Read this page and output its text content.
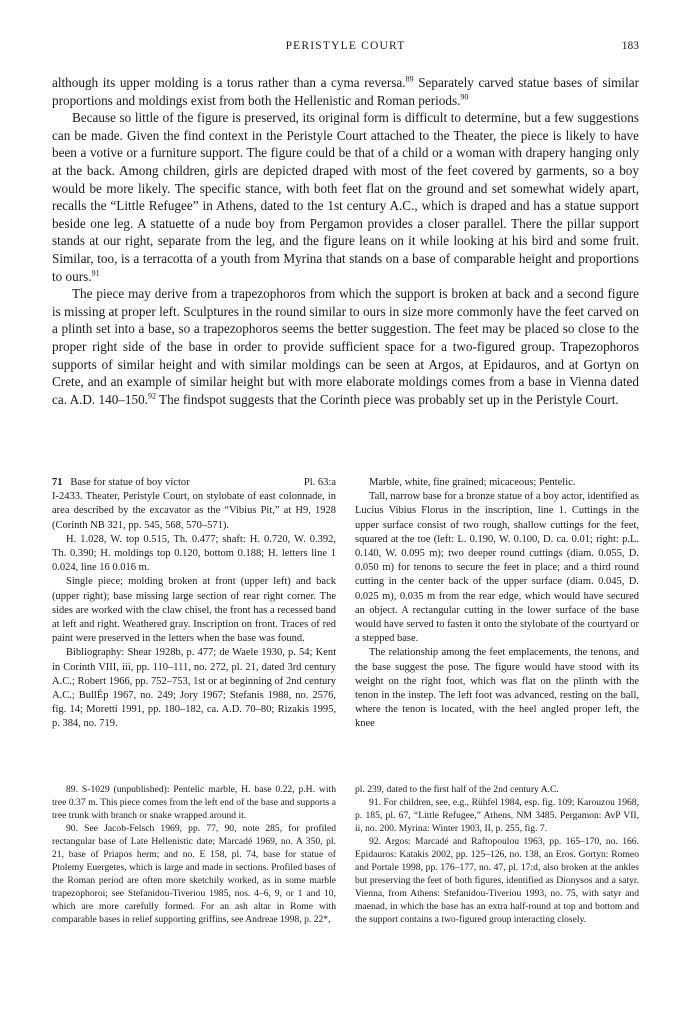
PERISTYLE COURT	183

although its upper molding is a torus rather than a cyma reversa.$^{89}$ Separately carved statue bases of similar proportions and moldings exist from both the Hellenistic and Roman periods.$^{90}$

Because so little of the figure is preserved, its original form is difficult to determine, but a few suggestions can be made. Given the find context in the Peristyle Court attached to the Theater, the piece is likely to have been a votive or a furniture support. The figure could be that of a child or a woman with drapery hanging only at the back. Among children, girls are depicted draped with most of the feet covered by garments, so a boy would be more likely. The specific stance, with both feet flat on the ground and set somewhat widely apart, recalls the “Little Refugee” in Athens, dated to the 1st century A.C., which is draped and has a statue support beside one leg. A statuette of a nude boy from Pergamon provides a closer parallel. There the pillar support stands at our right, separate from the leg, and the figure leans on it while looking at his bird and some fruit. Similar, too, is a terracotta of a youth from Myrina that stands on a base of comparable height and proportions to ours.$^{91}$

The piece may derive from a trapezophoros from which the support is broken at back and a second figure is missing at proper left. Sculptures in the round similar to ours in size more commonly have the feet carved on a plinth set into a base, so a trapezophoros seems the better suggestion. The feet may be placed so close to the proper right side of the base in order to provide sufficient space for a two-figured group. Trapezophoros supports of similar height and with similar moldings can be seen at Argos, at Epidauros, and at Gortyn on Crete, and an example of similar height but with more elaborate moldings comes from a base in Vienna dated ca. A.D. 140–150.92 The findspot suggests that the Corinth piece was probably set up in the Peristyle Court.

71 Base for statue of boy victor	Pl. 63:a

I-2433. Theater, Peristyle Court, on stylobate of east colonnade, in area described by the excavator as the “Vibius Pit,” at H9, 1928 (Corinth NB 321, pp. 545, 568, 570–571).

H. 1.028, W. top 0.515, Th. 0.477; shaft: H. 0.720, W. 0.392, Th. 0.390; H. moldings top 0.120, bottom 0.188; H. letters line 1 0.024, line 16 0.016 m.

Single piece; molding broken at front (upper left) and back (upper right); base missing large section of rear right corner. The sides are worked with the claw chisel, the front has a recessed band at left and right. Weathered gray. Inscription on front. Traces of red paint were preserved in the letters when the base was found.

Bibliography: Shear 1928b, p. 477; de Waele 1930, p. 54; Kent in Corinth VIII, iii, pp. 110–111, no. 272, pl. 21, dated 3rd century A.C.; Robert 1966, pp. 752–753, 1st or at beginning of 2nd century A.C.; BullÉp 1967, no. 249; Jory 1967; Stefanis 1988, no. 2576, fig. 14; Moretti 1991, pp. 180–182, ca. A.D. 70–80; Rizakis 1995, p. 384, no. 719.

Marble, white, fine grained; micaceous; Pentelic.

Tall, narrow base for a bronze statue of a boy actor, identified as Lucius Vibius Florus in the inscription, line 1. Cuttings in the upper surface consist of two rough, shallow cuttings for the feet, squared at the toe (left: L. 0.190, W. 0.100, D. ca. 0.01; right: p.L. 0.140, W. 0.095 m); two deeper round cuttings (diam. 0.055, D. 0.050 m) for tenons to secure the feet in place; and a third round cutting in the center back of the upper surface (diam. 0.045, D. 0.025 m), 0.035 m from the rear edge, which would have secured an object. A rectangular cutting in the lower surface of the base would have served to fasten it onto the stylobate of the courtyard or a stepped base.

The relationship among the feet emplacements, the tenons, and the base suggest the pose. The figure would have stood with its weight on the right foot, which was flat on the plinth with the tenon in the instep. The left foot was advanced, resting on the ball, where the tenon is located, with the heel angled proper left, the knee

89. S-1029 (unpublished): Pentelic marble, H. base 0.22, p.H. with tree 0.37 m. This piece comes from the left end of the base and supports a tree trunk with branch or snake wrapped around it.

90. See Jacob-Felsch 1969, pp. 77, 90, note 285, for profiled rectangular base of Late Hellenistic date; Marcadé 1969, no. A 350, pl. 21, base of Priapos herm; and no. E 158, pl. 74, base for statue of Ptolemy Euergetes, which is large and made in sections. Profiled bases of the Roman period are often more sketchily worked, as in some marble trapezophoroi; see Stefanidou-Tiveriou 1985, nos. 4–6, 9, or 1 and 10, which are more carefully formed. For an ash altar in Rome with comparable bases in relief supporting griffins, see Andreae 1998, p. 22*,

pl. 239, dated to the first half of the 2nd century A.C.

91. For children, see, e.g., Rühfel 1984, esp. fig. 109; Karouzou 1968, p. 185, pl. 67, “Little Refugee,” Athens, NM 3485. Pergamon: AvP VII, ii, no. 200. Myrina: Winter 1903, II, p. 255, fig. 7.

92. Argos: Marcadé and Raftopoulou 1963, pp. 165–170, no. 166. Epidauros: Katakis 2002, pp. 125–126, no. 138, an Eros. Gortyn: Romeo and Portale 1998, pp. 176–177, no. 47, pl. 17:d, also broken at the ankles but preserving the feet of both figures, identified as Dionysos and a satyr. Vienna, from Athens: Stefanidou-Tiveriou 1993, no. 75, with satyr and maenad, in which the base has an extra half-round at top and bottom and the support contains a two-figured group interacting closely.
